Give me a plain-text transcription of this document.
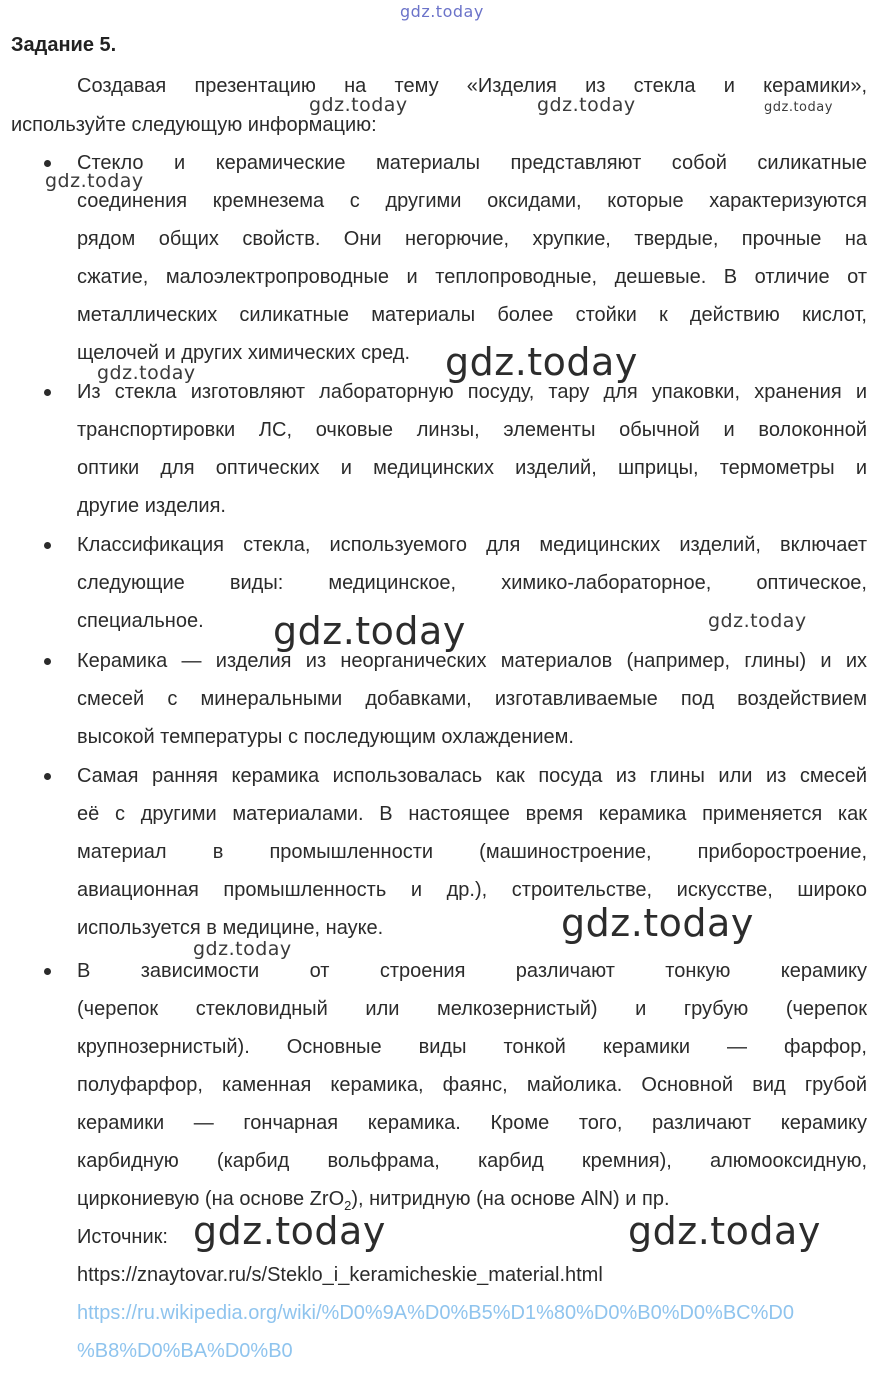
gdz.today
gdz.today	gdz.today	gdz.today
gdz.today
gdz.today
gdz.today
gdz.today	gdz.today
gdz.today
gdz.today
gdz.today	gdz.today
Задание 5.
Создавая презентацию на тему «Изделия из стекла и керамики»,
используйте следующую информацию:
Стекло и керамические материалы представляют собой силикатные
соединения кремнезема с другими оксидами, которые характеризуются
рядом общих свойств. Они негорючие, хрупкие, твердые, прочные на
сжатие, малоэлектропроводные и теплопроводные, дешевые. В отличие от
металлических силикатные материалы более стойки к действию кислот,
щелочей и других химических сред.
Из стекла изготовляют лабораторную посуду, тару для упаковки, хранения и
транспортировки ЛС, очковые линзы, элементы обычной и волоконной
оптики для оптических и медицинских изделий, шприцы, термометры и
другие изделия.
Классификация стекла, используемого для медицинских изделий, включает
следующие виды: медицинское, химико-лабораторное, оптическое,
специальное.
Керамика — изделия из неорганических материалов (например, глины) и их
смесей с минеральными добавками, изготавливаемые под воздействием
высокой температуры с последующим охлаждением.
Самая ранняя керамика использовалась как посуда из глины или из смесей
её с другими материалами. В настоящее время керамика применяется как
материал в промышленности (машиностроение, приборостроение,
авиационная промышленность и др.), строительстве, искусстве, широко
используется в медицине, науке.
В зависимости от строения различают тонкую керамику
(черепок стекловидный или мелкозернистый) и грубую (черепок
крупнозернистый). Основные виды тонкой керамики — фарфор,
полуфарфор, каменная керамика, фаянс, майолика. Основной вид грубой
керамики — гончарная керамика. Кроме того, различают керамику
карбидную (карбид вольфрама, карбид кремния), алюмооксидную,
циркониевую (на основе ZrO$_2$), нитридную (на основе AlN) и пр.
Источник:
https://znaytovar.ru/s/Steklo_i_keramicheskie_material.html
https://ru.wikipedia.org/wiki/%D0%9A%D0%B5%D1%80%D0%B0%D0%BC%D0
%B8%D0%BA%D0%B0
